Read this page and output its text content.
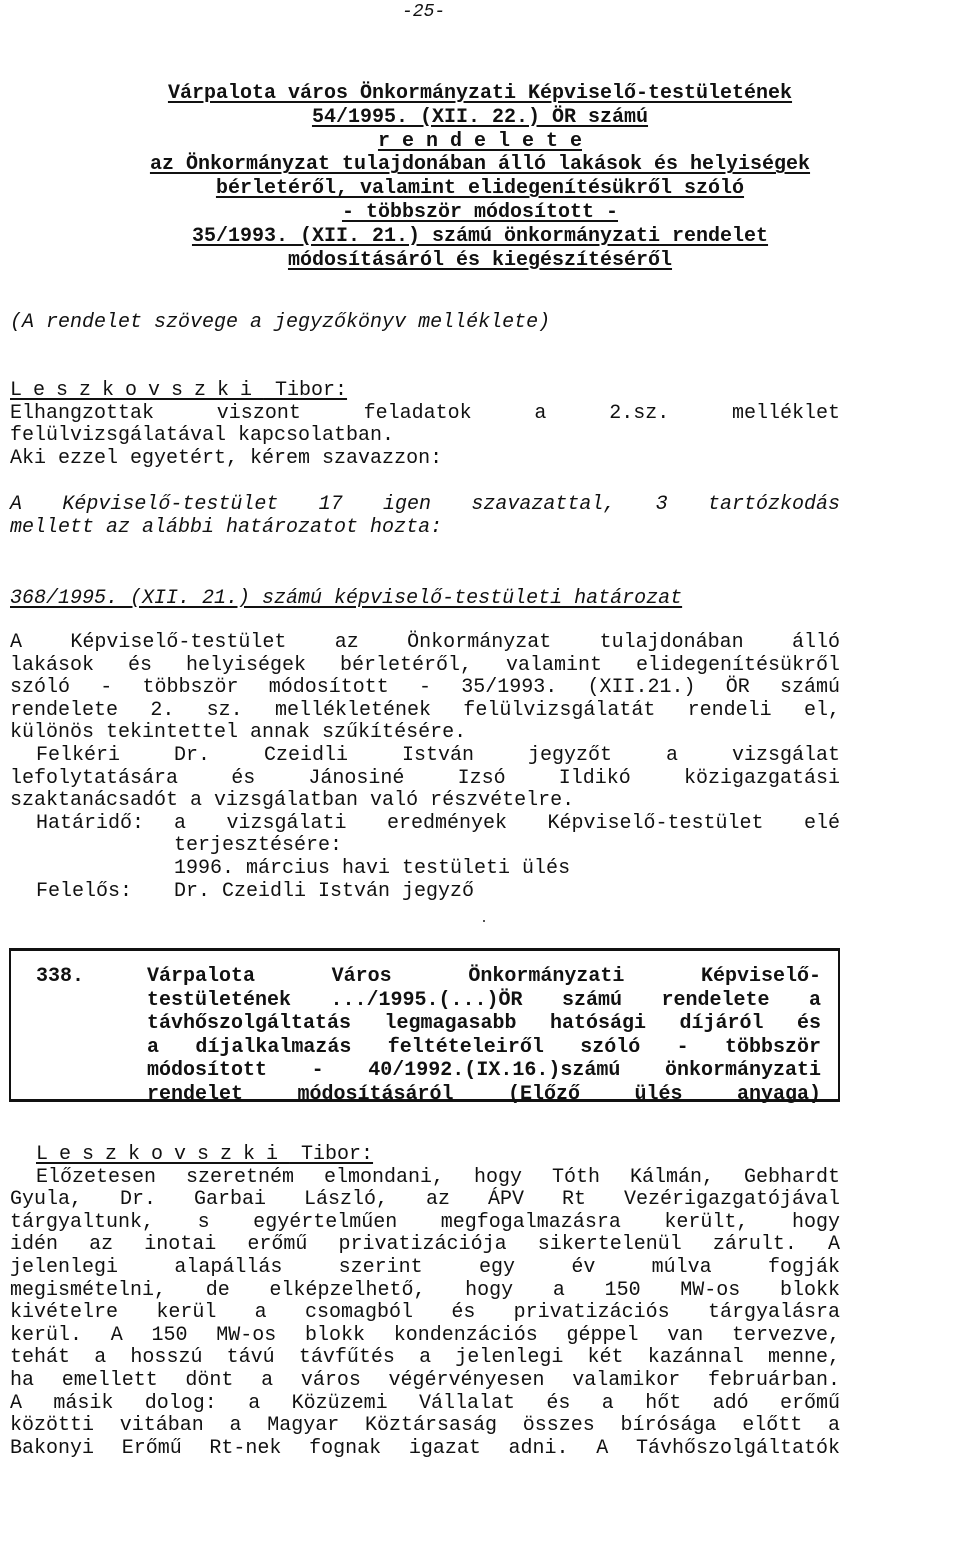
-25-
Várpalota város Önkormányzati Képviselő-testületének
54/1995. (XII. 22.) ÖR számú
r e n d e l e t e
az Önkormányzat tulajdonában álló lakások és helyiségek
bérletéről, valamint elidegenítésükről szóló
- többször módosított -
35/1993. (XII. 21.) számú önkormányzati rendelet
módosításáról és kiegészítéséről
(A rendelet szövege a jegyzőkönyv melléklete)
Leszkovszki Tibor:
Elhangzottak viszont feladatok a 2.sz. melléklet
felülvizsgálatával kapcsolatban.
Aki ezzel egyetért, kérem szavazzon:
A Képviselő-testület 17 igen szavazattal, 3 tartózkodás
mellett az alábbi határozatot hozta:
368/1995. (XII. 21.) számú képviselő-testületi határozat
A Képviselő-testület az Önkormányzat tulajdonában álló
lakások és helyiségek bérletéről, valamint elidegenítésükről
szóló - többször módosított - 35/1993. (XII.21.) ÖR számú
rendelete 2. sz. mellékletének felülvizsgálatát rendeli el,
különös tekintettel annak szűkítésére.
Felkéri Dr. Czeidli István jegyzőt a vizsgálat
lefolytatására és Jánosiné Izsó Ildikó közigazgatási
szaktanácsadót a vizsgálatban való részvételre.
Határidő:	a vizsgálati eredmények Képviselő-testület elé
terjesztésére:
1996. március havi testületi ülés
Felelős:	Dr. Czeidli István jegyző
338.	Várpalota Város Önkormányzati Képviselő-
testületének .../1995.(...)ÖR számú rendelete a
távhőszolgáltatás legmagasabb hatósági díjáról és
a díjalkalmazás feltételeiről szóló - többször
módosított - 40/1992.(IX.16.)számú önkormányzati
rendelet módosításáról (Előző ülés anyaga)
Leszkovszki Tibor:
Előzetesen szeretném elmondani, hogy Tóth Kálmán, Gebhardt
Gyula, Dr. Garbai László, az ÁPV Rt Vezérigazgatójával
tárgyaltunk, s egyértelműen megfogalmazásra került, hogy
idén az inotai erőmű privatizációja sikertelenül zárult. A
jelenlegi alapállás szerint egy év múlva fogják
megismételni, de elképzelhető, hogy a 150 MW-os blokk
kivételre kerül a csomagból és privatizációs tárgyalásra
kerül. A 150 MW-os blokk kondenzációs géppel van tervezve,
tehát a hosszú távú távfűtés a jelenlegi két kazánnal menne,
ha emellett dönt a város végérvényesen valamikor februárban.
A másik dolog: a Közüzemi Vállalat és a hőt adó erőmű
közötti vitában a Magyar Köztársaság összes bírósága előtt a
Bakonyi Erőmű Rt-nek fognak igazat adni. A Távhőszolgáltatók
